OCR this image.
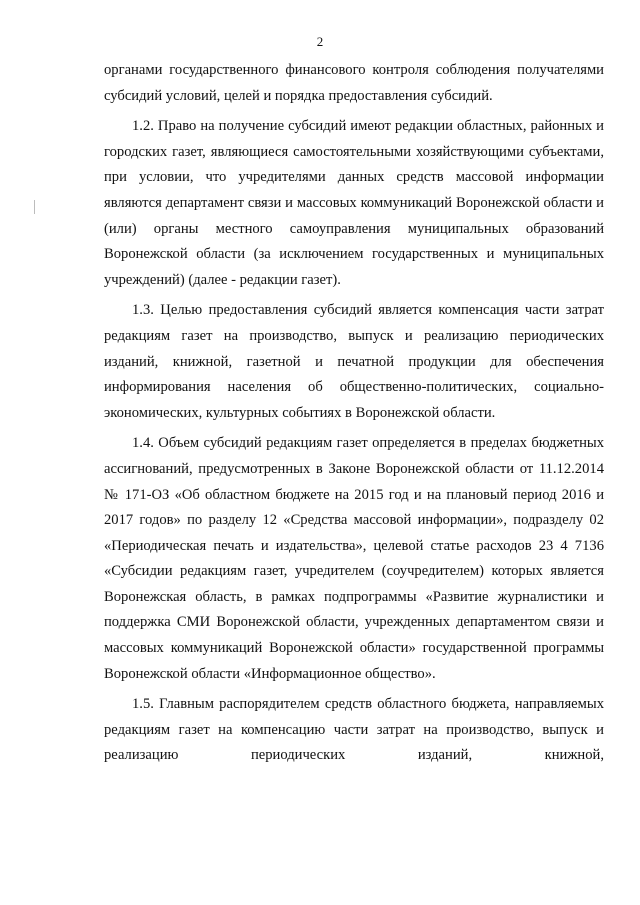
2

органами государственного финансового контроля соблюдения получателями субсидий условий, целей и порядка предоставления субсидий.

1.2. Право на получение субсидий имеют редакции областных, районных и городских газет, являющиеся самостоятельными хозяйствующими субъектами, при условии, что учредителями данных средств массовой информации являются департамент связи и массовых коммуникаций Воронежской области и (или) органы местного самоуправления муниципальных образований Воронежской области (за исключением государственных и муниципальных учреждений) (далее - редакции газет).

1.3. Целью предоставления субсидий является компенсация части затрат редакциям газет на производство, выпуск и реализацию периодических изданий, книжной, газетной и печатной продукции для обеспечения информирования населения об общественно-политических, социально-экономических, культурных событиях в Воронежской области.

1.4. Объем субсидий редакциям газет определяется в пределах бюджетных ассигнований, предусмотренных в Законе Воронежской области от 11.12.2014 № 171-ОЗ «Об областном бюджете на 2015 год и на плановый период 2016 и 2017 годов» по разделу 12 «Средства массовой информации», подразделу 02 «Периодическая печать и издательства», целевой статье расходов 23 4 7136 «Субсидии редакциям газет, учредителем (соучредителем) которых является Воронежская область, в рамках подпрограммы «Развитие журналистики и поддержка СМИ Воронежской области, учрежденных департаментом связи и массовых коммуникаций Воронежской области» государственной программы Воронежской области «Информационное общество».

1.5. Главным распорядителем средств областного бюджета, направляемых редакциям газет на компенсацию части затрат на производство, выпуск и реализацию периодических изданий, книжной,
